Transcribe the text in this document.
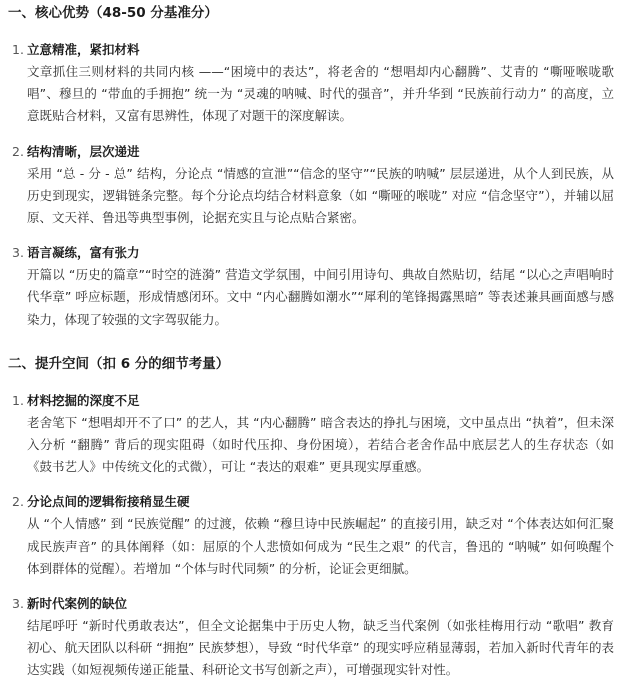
一、核心优势（48-50 分基准分）
1. 立意精准，紧扣材料
文章抓住三则材料的共同内核 ——“困境中的表达”，将老舍的 “想唱却内心翻腾”、艾青的 “嘶哑喉咙歌唱”、穆旦的 “带血的手拥抱” 统一为 “灵魂的呐喊、时代的强音”，并升华到 “民族前行动力” 的高度，立意既贴合材料，又富有思辨性，体现了对题干的深度解读。
2. 结构清晰，层次递进
采用 “总 - 分 - 总” 结构，分论点 “情感的宣泄”“信念的坚守”“民族的呐喊” 层层递进，从个人到民族，从历史到现实，逻辑链条完整。每个分论点均结合材料意象（如 “嘶哑的喉咙” 对应 “信念坚守”），并辅以屈原、文天祥、鲁迅等典型事例，论据充实且与论点贴合紧密。
3. 语言凝练，富有张力
开篇以 “历史的篇章”“时空的涟漪” 营造文学氛围，中间引用诗句、典故自然贴切，结尾 “以心之声唱响时代华章” 呼应标题，形成情感闭环。文中 “内心翻腾如潮水”“犀利的笔锋揭露黑暗” 等表述兼具画面感与感染力，体现了较强的文字驾驭能力。
二、提升空间（扣 6 分的细节考量）
1. 材料挖掘的深度不足
老舍笔下 “想唱却开不了口” 的艺人，其 “内心翻腾” 暗含表达的挣扎与困境，文中虽点出 “执着”，但未深入分析 “翻腾” 背后的现实阻碍（如时代压抑、身份困境），若结合老舍作品中底层艺人的生存状态（如《鼓书艺人》中传统文化的式微），可让 “表达的艰难” 更具现实厚重感。
2. 分论点间的逻辑衔接稍显生硬
从 “个人情感” 到 “民族觉醒” 的过渡，依赖 “穆旦诗中民族崛起” 的直接引用，缺乏对 “个体表达如何汇聚成民族声音” 的具体阐释（如：屈原的个人悲愤如何成为 “民生之艰” 的代言，鲁迅的 “呐喊” 如何唤醒个体到群体的觉醒）。若增加 “个体与时代同频” 的分析，论证会更细腻。
3. 新时代案例的缺位
结尾呼吁 “新时代勇敢表达”，但全文论据集中于历史人物，缺乏当代案例（如张桂梅用行动 “歌唱” 教育初心、航天团队以科研 “拥抱” 民族梦想），导致 “时代华章” 的现实呼应稍显薄弱，若加入新时代青年的表达实践（如短视频传递正能量、科研论文书写创新之声），可增强现实针对性。
